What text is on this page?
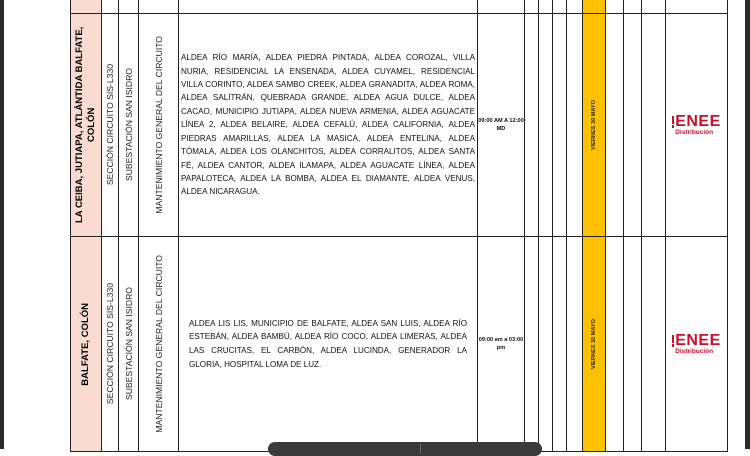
LA CEIBA, JUTIAPA, ATLÁNTIDA BALFATE, COLÓN	SECCIÓN CIRCUITO SIS-L330	SUBESTACIÓN SAN ISIDRO	MANTENIMIENTO GENERAL DEL CIRCUITO	ALDEA RÍO MARÍA, ALDEA PIEDRA PINTADA, ALDEA COROZAL, VILLA NURIA, RESIDENCIAL LA ENSENADA, ALDEA CUYAMEL, RESIDENCIAL VILLA CORINTO, ALDEA SAMBO CREEK, ALDEA GRANADITA, ALDEA ROMA, ALDEA SALITRÁN, QUEBRADA GRANDE, ALDEA AGUA DULCE, ALDEA CACAO, MUNICIPIO JUTIAPA, ALDEA NUEVA ARMENIA, ALDEA AGUACATE LÍNEA 2, ALDEA BELAIRE, ALDEA CEFALÚ, ALDEA CALIFORNIA, ALDEA PIEDRAS AMARILLAS, ALDEA LA MASICA, ALDEA ENTELINA, ALDEA TÓMALA, ALDEA LOS OLANCHITOS, ALDEA CORRALITOS, ALDEA SANTA FÉ, ALDEA CANTOR, ALDEA ILAMAPA, ALDEA AGUACATE LÍNEA, ALDEA PAPALOTECA, ALDEA LA BOMBA, ALDEA EL DIAMANTE, ALDEA VENUS, ALDEA NICARAGUA.	09:00 AM A 12:00 MD					VIERNES 30 MAYO				ENEE
Distribución

BALFATE, COLÓN	SECCIÓN CIRCUITO SIS-L330	SUBESTACIÓN SAN ISIDRO	MANTENIMIENTO GENERAL DEL CIRCUITO	ALDEA LIS LIS, MUNICIPIO DE BALFATE, ALDEA SAN LUIS, ALDEA RÍO ESTEBÁN, ALDEA BAMBÚ, ALDEA RÍO COCO, ALDEA LIMERAS, ALDEA LAS CRUCITAS, EL CARBÓN, ALDEA LUCINDA, GENERADOR LA GLORIA, HOSPITAL LOMA DE LUZ.	09:00 am a 03:00 pm					VIERNES 30 MAYO				ENEE
Distribución
